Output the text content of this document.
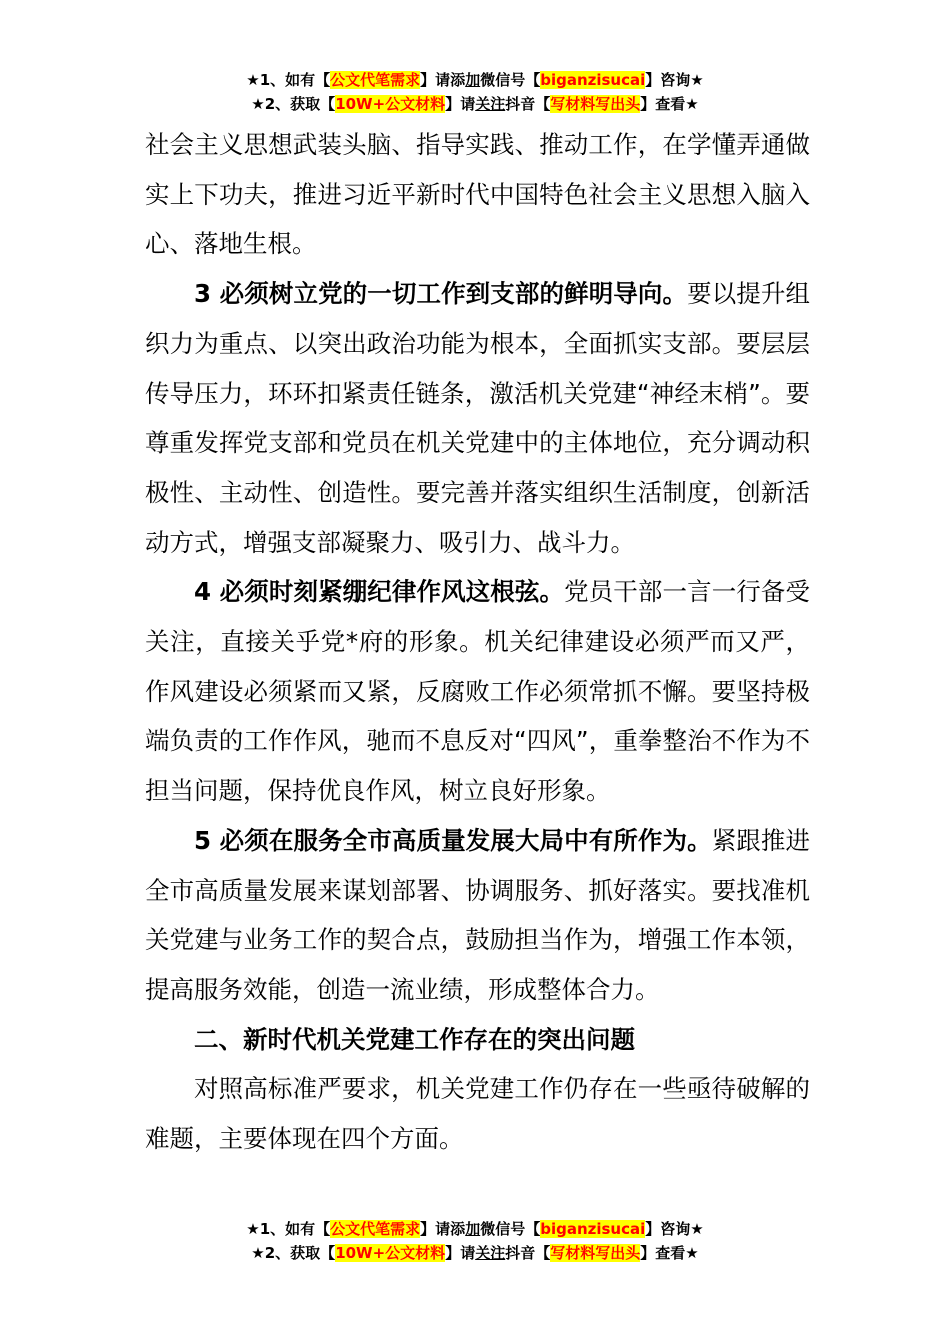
★1、如有【公文代笔需求】请添加微信号【biganzisucai】咨询★
★2、获取【10W+公文材料】请关注抖音【写材料写出头】查看★

社会主义思想武装头脑、指导实践、推动工作，在学懂弄通做实上下功夫，推进习近平新时代中国特色社会主义思想入脑入心、落地生根。

3 必须树立党的一切工作到支部的鲜明导向。要以提升组织力为重点、以突出政治功能为根本，全面抓实支部。要层层传导压力，环环扣紧责任链条，激活机关党建“神经末梢”。要尊重发挥党支部和党员在机关党建中的主体地位，充分调动积极性、主动性、创造性。要完善并落实组织生活制度，创新活动方式，增强支部凝聚力、吸引力、战斗力。

4 必须时刻紧绷纪律作风这根弦。党员干部一言一行备受关注，直接关乎党*府的形象。机关纪律建设必须严而又严，作风建设必须紧而又紧，反腐败工作必须常抓不懈。要坚持极端负责的工作作风，驰而不息反对“四风”，重拳整治不作为不担当问题，保持优良作风，树立良好形象。

5 必须在服务全市高质量发展大局中有所作为。紧跟推进全市高质量发展来谋划部署、协调服务、抓好落实。要找准机关党建与业务工作的契合点，鼓励担当作为，增强工作本领，提高服务效能，创造一流业绩，形成整体合力。

二、新时代机关党建工作存在的突出问题

对照高标准严要求，机关党建工作仍存在一些亟待破解的难题，主要体现在四个方面。

★1、如有【公文代笔需求】请添加微信号【biganzisucai】咨询★
★2、获取【10W+公文材料】请关注抖音【写材料写出头】查看★
